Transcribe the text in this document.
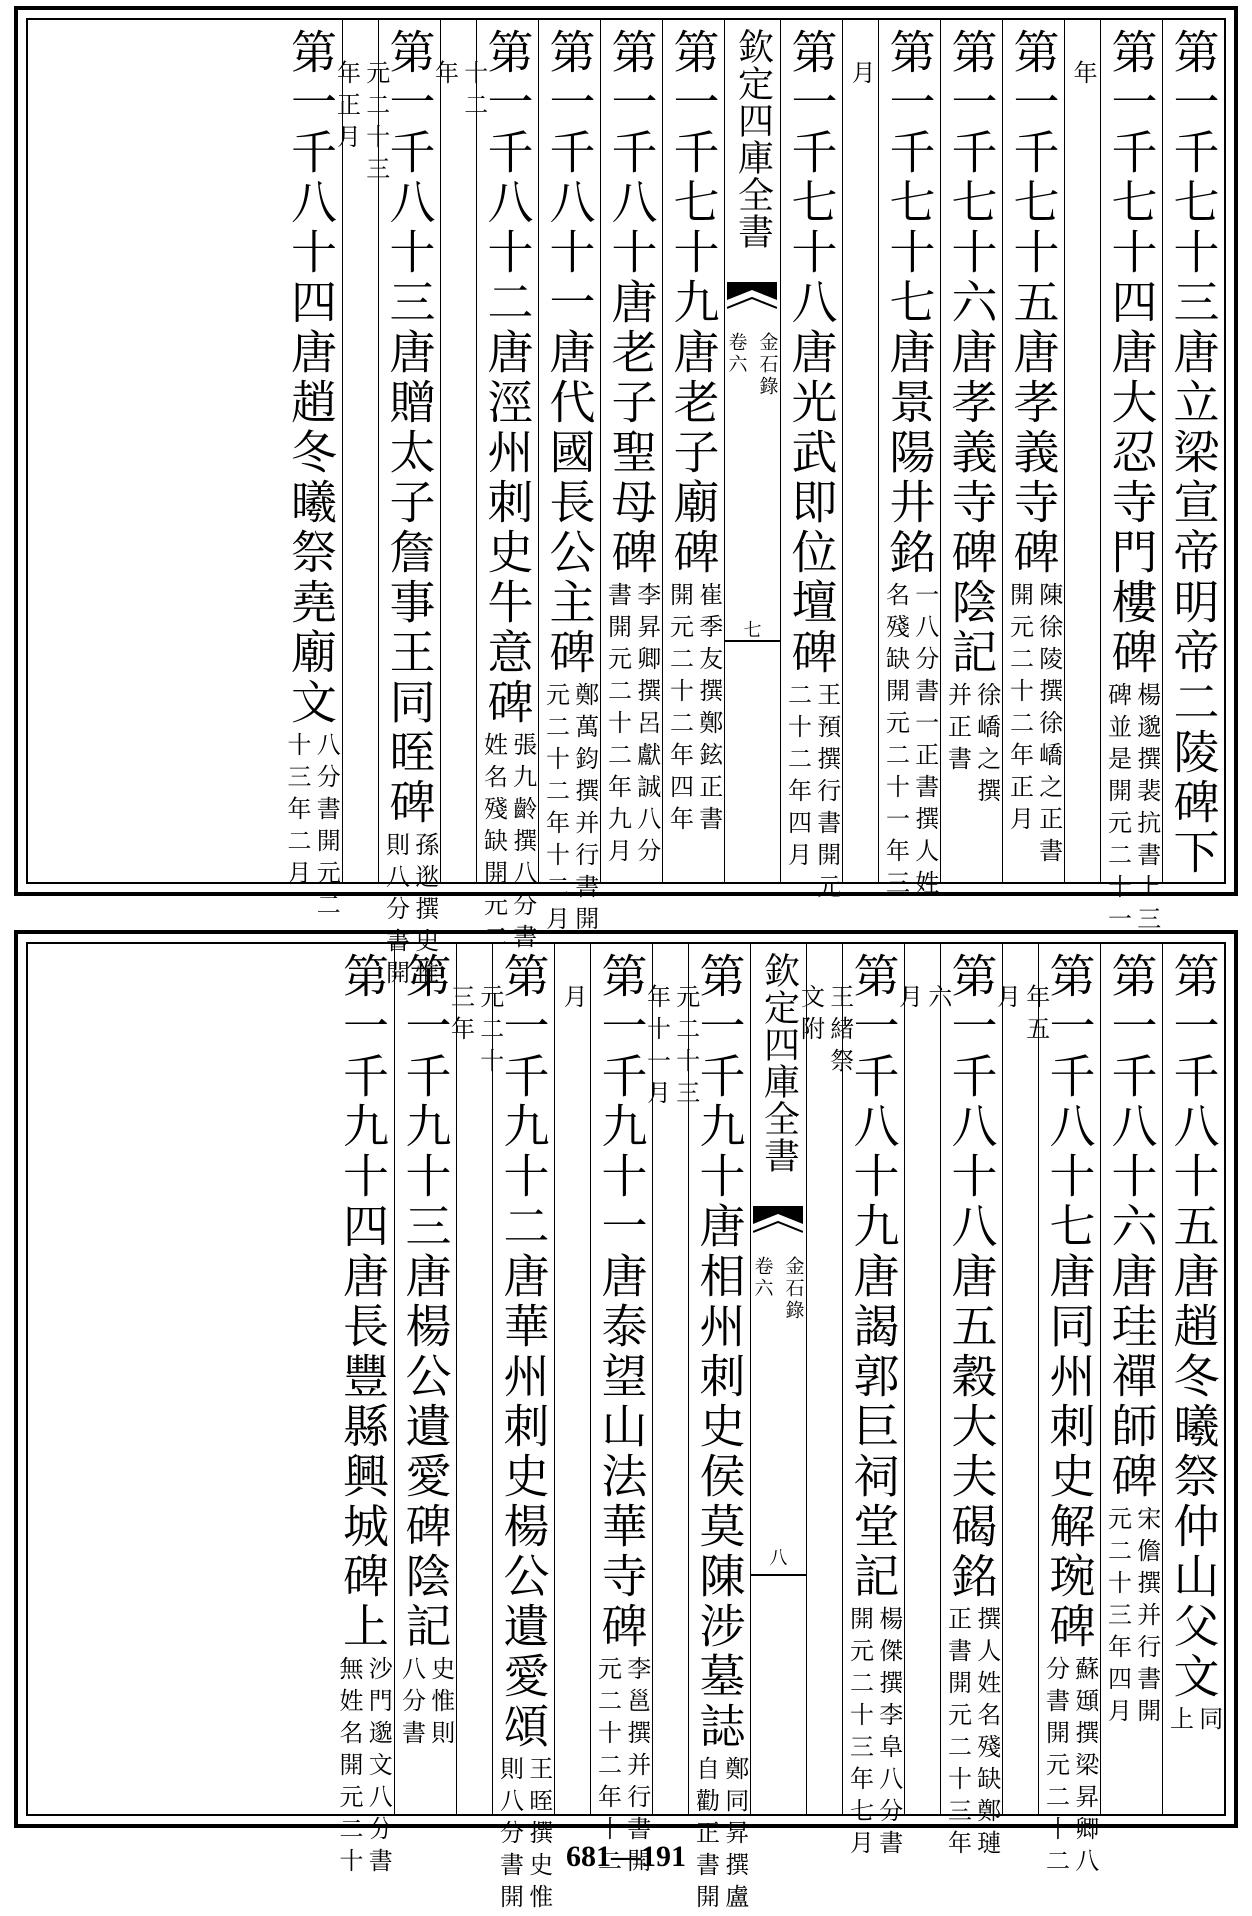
第一千七十三唐立梁宣帝明帝二陵碑下
第一千七十四唐大忍寺門樓碑
楊邈撰裴抗書上三
碑並是開元二十一
年
第一千七十五唐孝義寺碑
陳徐陵撰徐嶠之正書
開元二十二年正月
第一千七十六唐孝義寺碑陰記
徐嶠之撰
并正書
第一千七十七唐景陽井銘
一八分書一正書撰人姓
名殘缺開元二十一年三
月
第一千七十八唐光武即位壇碑
王預撰行書開元
二十二年四月
欽定四庫全書
金石錄
卷六
七
第一千七十九唐老子廟碑
崔季友撰鄭鉉正書
開元二十二年四年
第一千八十唐老子聖母碑
李昇卿撰呂獻誠八分
書開元二十二年九月
第一千八十一唐代國長公主碑
鄭萬鈞撰并行書開
元二十二年十二月
第一千八十二唐涇州刺史牛意碑
張九齡撰八分書
姓名殘缺開元二
十二
年
第一千八十三唐贈太子詹事王同晊碑
孫逖撰史惟
則八分書開
元二十三
年正月
第一千八十四唐趙冬曦祭堯廟文
八分書開元二
十三年二月
第一千八十五唐趙冬曦祭仲山父文
同
上
第一千八十六唐珪禪師碑
宋儋撰并行書開
元二十三年四月
第一千八十七唐同州刺史解琬碑
蘇頲撰梁昇卿八
分書開元二十二
年五
月
第一千八十八唐五穀大夫碣銘
撰人姓名殘缺鄭璉
正書開元二十三年
六
月
第一千八十九唐謁郭巨祠堂記
楊傑撰李阜八分書
開元二十三年七月
王緒祭
文附
欽定四庫全書
金石錄
卷六
八
第一千九十唐相州刺史侯莫陳涉墓誌
鄭同昇撰盧
自勸正書開
元二十三
年十一月
第一千九十一唐泰望山法華寺碑
李邕撰并行書開
元二十二年十二
月
第一千九十二唐華州刺史楊公遺愛頌
王晊撰史惟
則八分書開
元二十
三年
第一千九十三唐楊公遺愛碑陰記
史惟則
八分書
第一千九十四唐長豐縣興城碑上
沙門邈文八分書
無姓名開元二十	681—191
